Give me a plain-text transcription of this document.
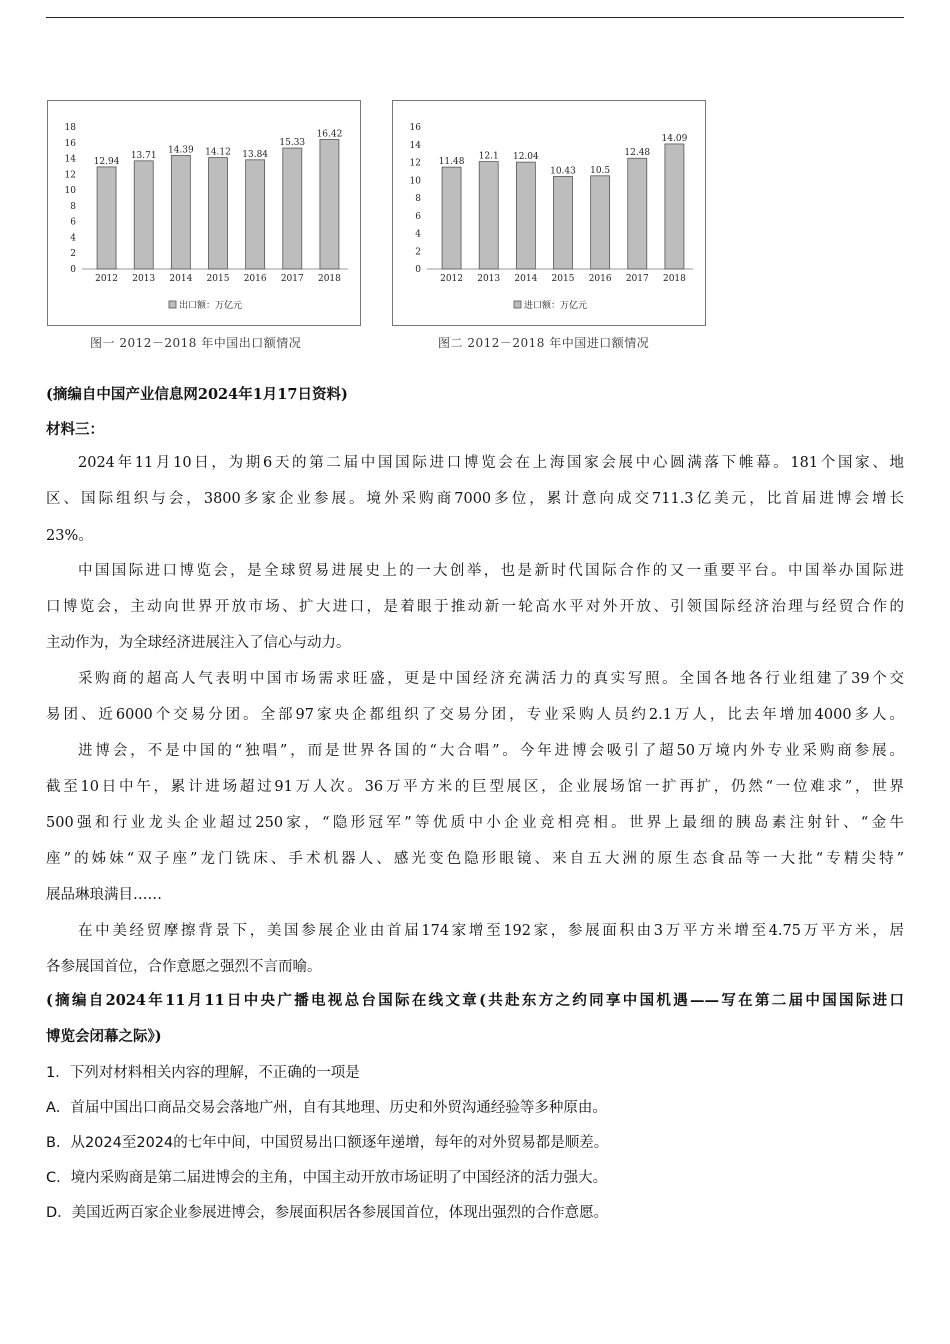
0
2
4
6
8
10
12
14
16
18
12.94
2012
13.71
2013
14.39
2014
14.12
2015
13.84
2016
15.33
2017
16.42
2018
出口额：万亿元
图一 2012－2018 年中国出口额情况
0
2
4
6
8
10
12
14
16
11.48
2012
12.1
2013
12.04
2014
10.43
2015
10.5
2016
12.48
2017
14.09
2018
进口额：万亿元
图二 2012－2018 年中国进口额情况
(摘编自中国产业信息网2024年1月17日资料)
材料三：
2024年11月10日，为期6天的第二届中国国际进口博览会在上海国家会展中心圆满落下帷幕。181个国家、地
区、国际组织与会，3800多家企业参展。境外采购商7000多位，累计意向成交711.3亿美元，比首届进博会增长
23%。
中国国际进口博览会，是全球贸易进展史上的一大创举，也是新时代国际合作的又一重要平台。中国举办国际进
口博览会，主动向世界开放市场、扩大进口，是着眼于推动新一轮高水平对外开放、引领国际经济治理与经贸合作的
主动作为，为全球经济进展注入了信心与动力。
采购商的超高人气表明中国市场需求旺盛，更是中国经济充满活力的真实写照。全国各地各行业组建了39个交
易团、近6000个交易分团。全部97家央企都组织了交易分团，专业采购人员约2.1万人，比去年增加4000多人。
进博会，不是中国的“独唱”，而是世界各国的“大合唱”。今年进博会吸引了超50万境内外专业采购商参展。
截至10日中午，累计进场超过91万人次。36万平方米的巨型展区，企业展场馆一扩再扩，仍然“一位难求”，世界
500强和行业龙头企业超过250家，“隐形冠军”等优质中小企业竞相亮相。世界上最细的胰岛素注射针、“金牛
座”的姊妹“双子座”龙门铣床、手术机器人、感光变色隐形眼镜、来自五大洲的原生态食品等一大批“专精尖特”
展品琳琅满目……
在中美经贸摩擦背景下，美国参展企业由首届174家增至192家，参展面积由3万平方米增至4.75万平方米，居
各参展国首位，合作意愿之强烈不言而喻。
(摘编自2024年11月11日中央广播电视总台国际在线文章(共赴东方之约同享中国机遇——写在第二届中国国际进口
博览会闭幕之际》)
1．下列对材料相关内容的理解，不正确的一项是
A．首届中国出口商品交易会落地广州，自有其地理、历史和外贸沟通经验等多种原由。
B．从2024至2024的七年中间，中国贸易出口额逐年递增，每年的对外贸易都是顺差。
C．境内采购商是第二届进博会的主角，中国主动开放市场证明了中国经济的活力强大。
D．美国近两百家企业参展进博会，参展面积居各参展国首位，体现出强烈的合作意愿。
